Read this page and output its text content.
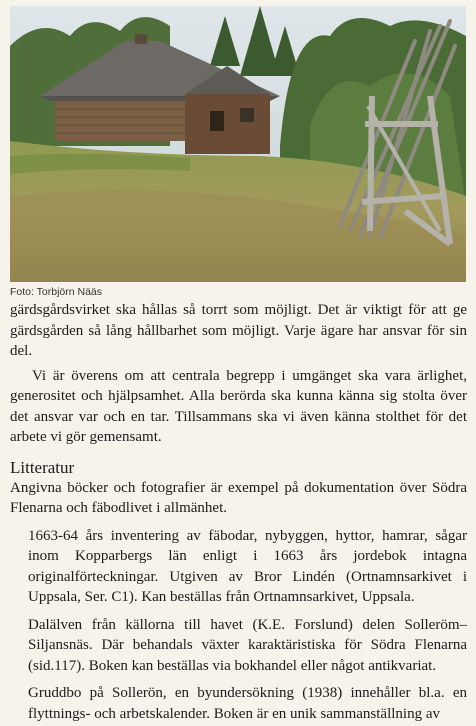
Foto: Torbjörn Nääs

gärdsgårdsvirket ska hållas så torrt som möjligt. Det är viktigt för att ge gärdsgården så lång hållbarhet som möjligt. Varje ägare har ansvar för sin del.

Vi är överens om att centrala begrepp i umgänget ska vara ärlighet, generositet och hjälpsamhet. Alla berörda ska kunna känna sig stolta över det ansvar var och en tar. Tillsammans ska vi även känna stolthet för det arbete vi gör gemensamt.

Litteratur

Angivna böcker och fotografier är exempel på dokumentation över Södra Flenarna och fäbodlivet i allmänhet.

1663-64 års inventering av fäbodar, nybyggen, hyttor, hamrar, sågar inom Kopparbergs län enligt i 1663 års jordebok intagna originalförteckningar. Utgiven av Bror Lindén (Ortnamnsarkivet i Uppsala, Ser. C1). Kan beställas från Ortnamnsarkivet, Uppsala.

Dalälven från källorna till havet (K.E. Forslund) delen Solleröm–Siljansnäs. Där behandals växter karaktäristiska för Södra Flenarna (sid.117). Boken kan beställas via bokhandel eller något antikvariat.

Gruddbo på Sollerön, en byundersökning (1938) innehåller bl.a. en flyttnings- och arbetskalender. Boken är en unik sammanställning av
